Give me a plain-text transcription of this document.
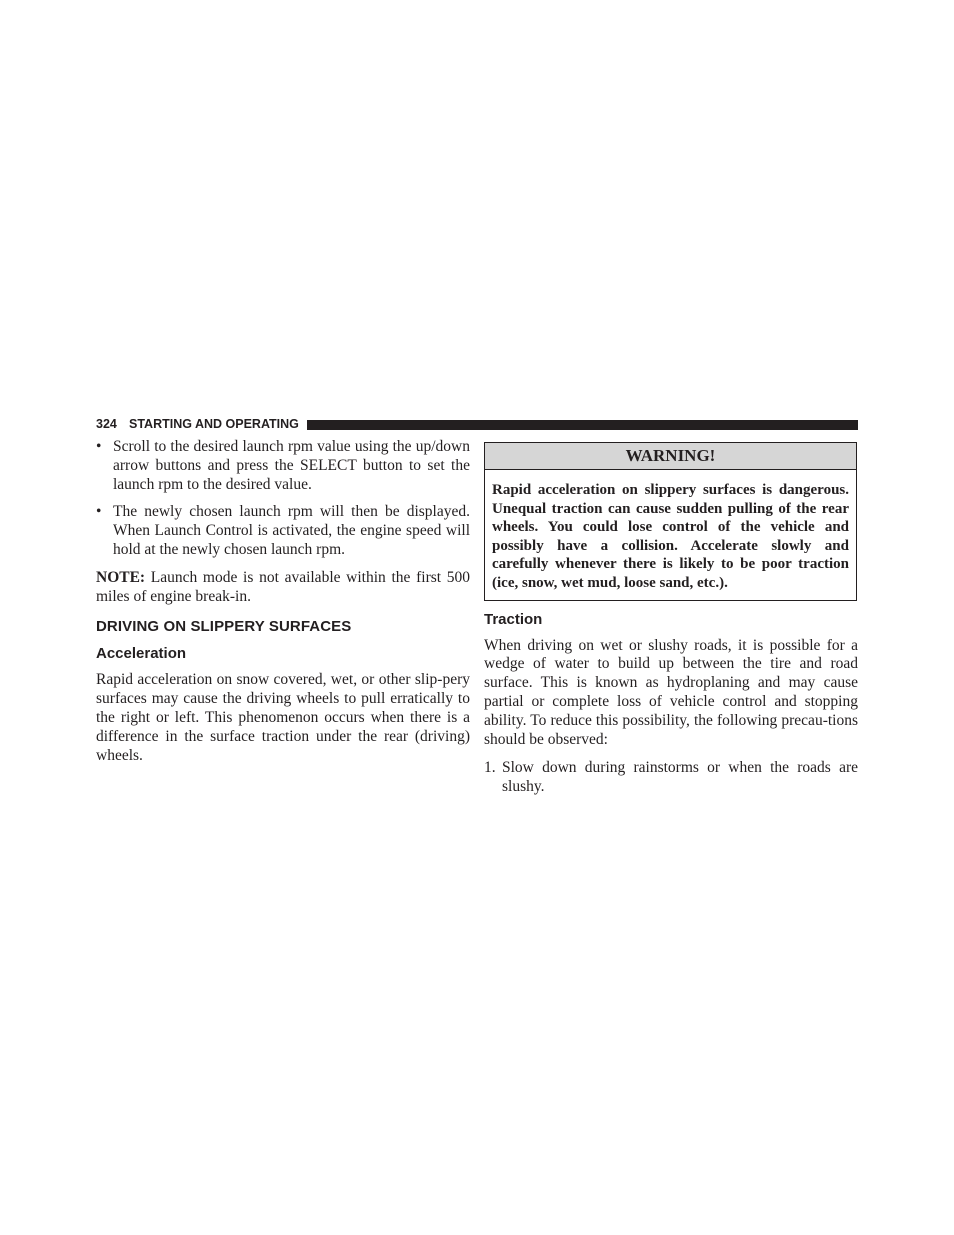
324 STARTING AND OPERATING
• Scroll to the desired launch rpm value using the up/down arrow buttons and press the SELECT button to set the launch rpm to the desired value.
• The newly chosen launch rpm will then be displayed. When Launch Control is activated, the engine speed will hold at the newly chosen launch rpm.

NOTE: Launch mode is not available within the first 500 miles of engine break-in.

DRIVING ON SLIPPERY SURFACES
Acceleration

Rapid acceleration on snow covered, wet, or other slip-pery surfaces may cause the driving wheels to pull erratically to the right or left. This phenomenon occurs when there is a difference in the surface traction under the rear (driving) wheels.

WARNING!
Rapid acceleration on slippery surfaces is dangerous. Unequal traction can cause sudden pulling of the rear wheels. You could lose control of the vehicle and possibly have a collision. Accelerate slowly and carefully whenever there is likely to be poor traction (ice, snow, wet mud, loose sand, etc.).
Traction

When driving on wet or slushy roads, it is possible for a wedge of water to build up between the tire and road surface. This is known as hydroplaning and may cause partial or complete loss of vehicle control and stopping ability. To reduce this possibility, the following precau-tions should be observed:

1. Slow down during rainstorms or when the roads are slushy.
